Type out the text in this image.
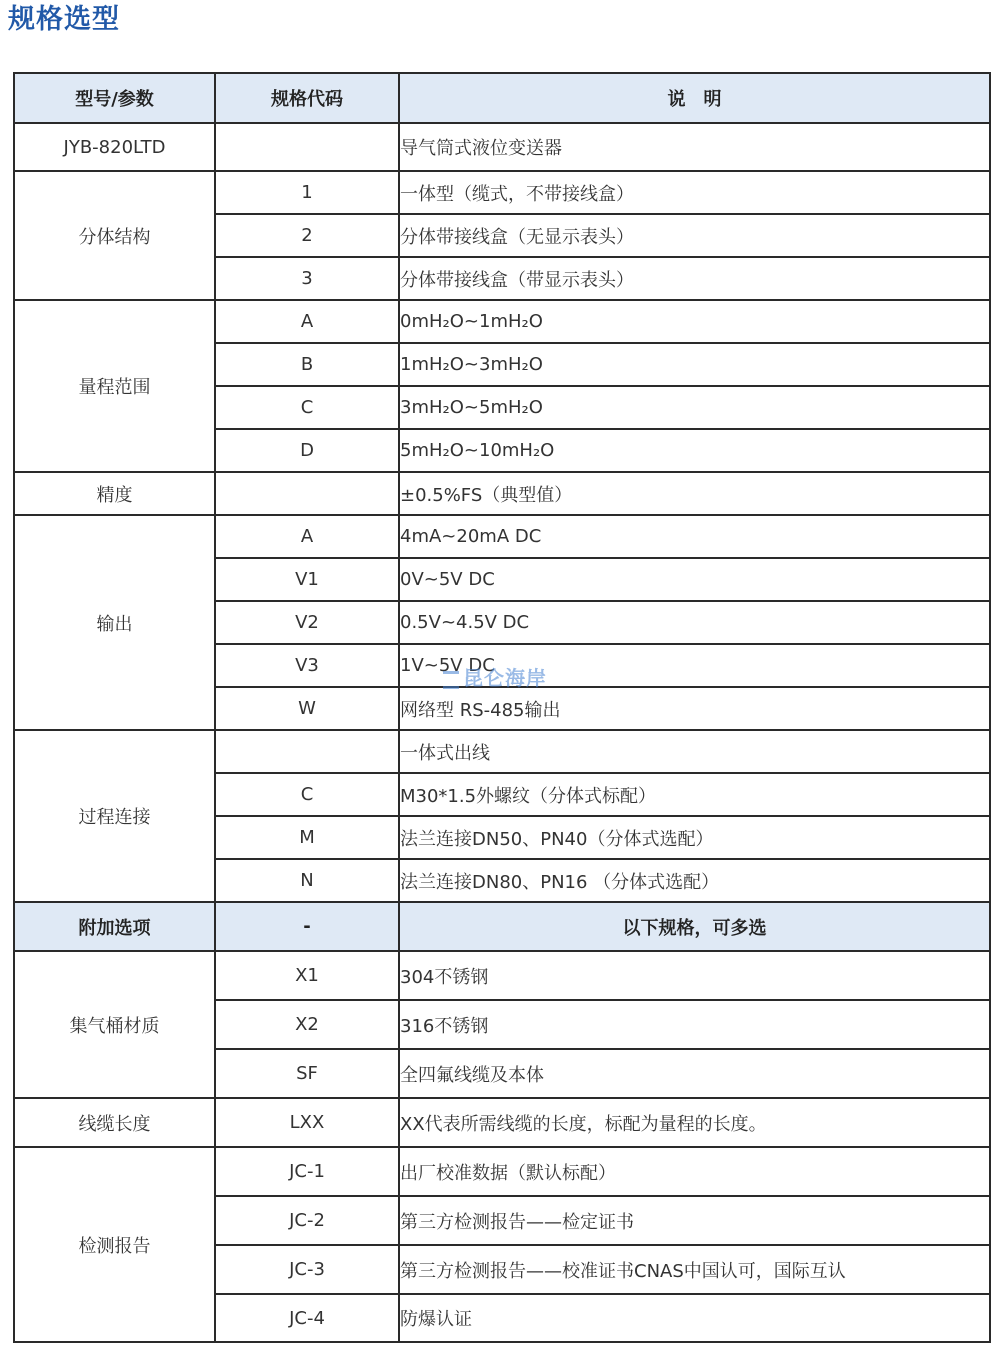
规格选型
型号/参数	规格代码	说　明
JYB-820LTD		导气筒式液位变送器
分体结构	1	一体型（缆式，不带接线盒）
	2	分体带接线盒（无显示表头）
	3	分体带接线盒（带显示表头）
量程范围	A	0mH₂O~1mH₂O
	B	1mH₂O~3mH₂O
	C	3mH₂O~5mH₂O
	D	5mH₂O~10mH₂O
精度		±0.5%FS（典型值）
输出	A	4mA~20mA DC
	V1	0V~5V DC
	V2	0.5V~4.5V DC
	V3	1V~5V DC
	W	网络型 RS-485输出
过程连接		一体式出线
	C	M30*1.5外螺纹（分体式标配）
	M	法兰连接DN50、PN40（分体式选配）
	N	法兰连接DN80、PN16 （分体式选配）
附加选项	-	以下规格，可多选
集气桶材质	X1	304不锈钢
	X2	316不锈钢
	SF	全四氟线缆及本体
线缆长度	LXX	XX代表所需线缆的长度，标配为量程的长度。
检测报告	JC-1	出厂校准数据（默认标配）
	JC-2	第三方检测报告——检定证书
	JC-3	第三方检测报告——校准证书CNAS中国认可，国际互认
	JC-4	防爆认证
昆仑海岸
